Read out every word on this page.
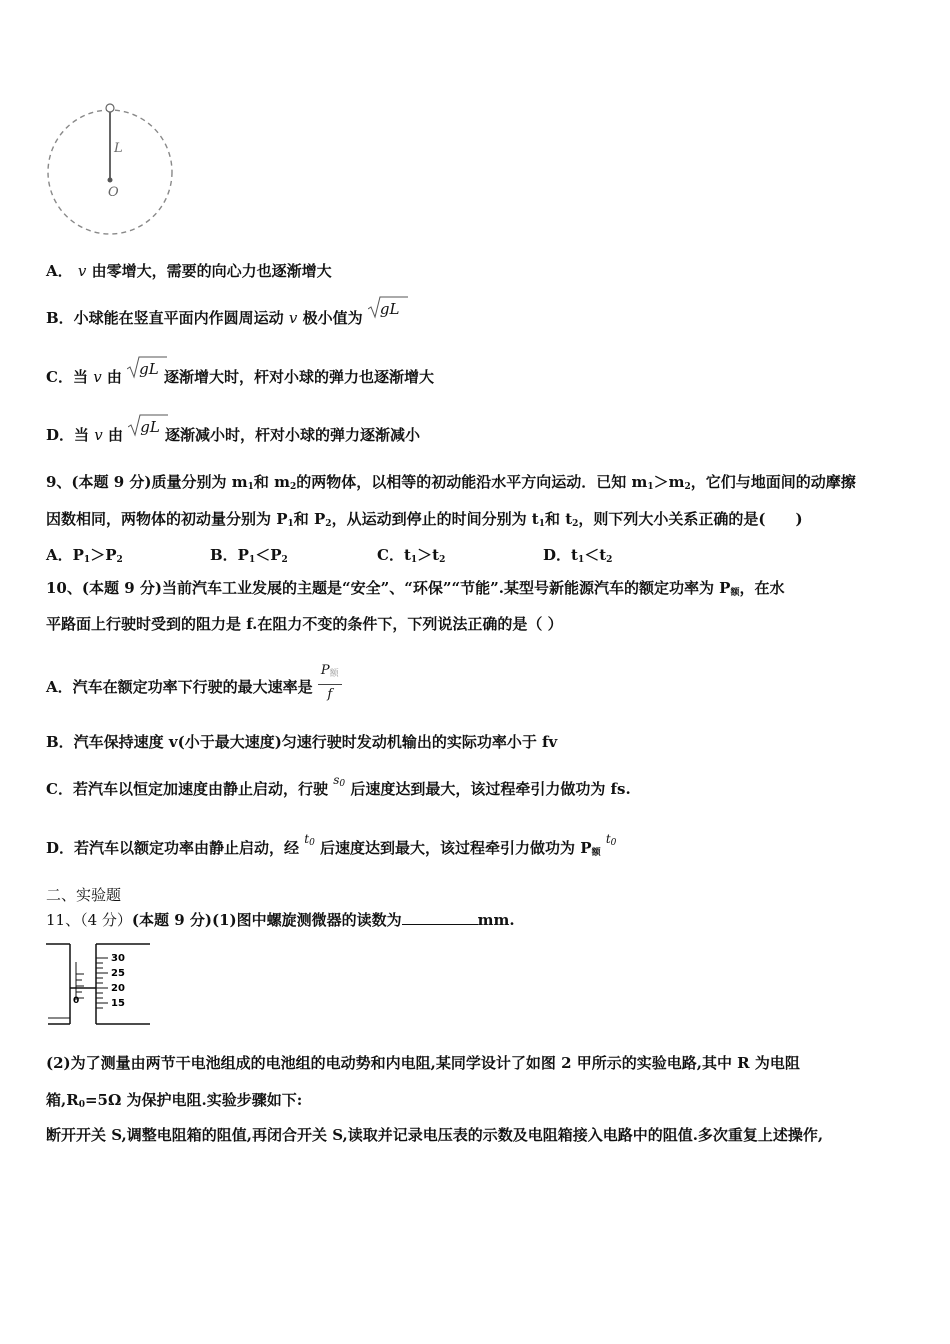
L
O
A． v 由零增大，需要的向心力也逐渐增大
B．小球能在竖直平面内作圆周运动 v 极小值为 gL
C．当 v 由 gL 逐渐增大时，杆对小球的弹力也逐渐增大
D．当 v 由 gL 逐渐减小时，杆对小球的弹力逐渐减小
9、(本题 9 分)质量分别为 $m_1$和 $m_2$的两物体，以相等的初动能沿水平方向运动．已知 $m_1>m_2$，它们与地面间的动摩擦
因数相同，两物体的初动量分别为 $P_1$和 $P_2$，从运动到停止的时间分别为 $t_1$和 $t_2$，则下列大小关系正确的是(　　)
A．$P_1>P_2$	B．$P_1<P_2$	C．$t_1>t_2$	D．$t_1<t_2$
10、(本题 9 分)当前汽车工业发展的主题是“安全”、“环保”“节能”.某型号新能源汽车的额定功率为 $P_额$，在水
平路面上行驶时受到的阻力是 f.在阻力不变的条件下，下列说法正确的是（ ）
A．汽车在额定功率下行驶的最大速率是 $\frac{P_额}{f}$
B．汽车保持速度 v(小于最大速度)匀速行驶时发动机输出的实际功率小于 fv
C．若汽车以恒定加速度由静止启动，行驶 $^{s_0}$ 后速度达到最大，该过程牵引力做功为 fs.
D．若汽车以额定功率由静止启动，经 $^{t_0}$ 后速度达到最大，该过程牵引力做功为 $P_额$ $^{t_0}$
二、实验题
11、（4 分）(本题 9 分)(1)图中螺旋测微器的读数为	mm.
30
25
20
15
0
(2)为了测量由两节干电池组成的电池组的电动势和内电阻,某同学设计了如图 2 甲所示的实验电路,其中 R 为电阻
箱$,R_0=5\Omega$ 为保护电阻.实验步骤如下:
断开开关 S,调整电阻箱的阻值,再闭合开关 S,读取并记录电压表的示数及电阻箱接入电路中的阻值.多次重复上述操作,
